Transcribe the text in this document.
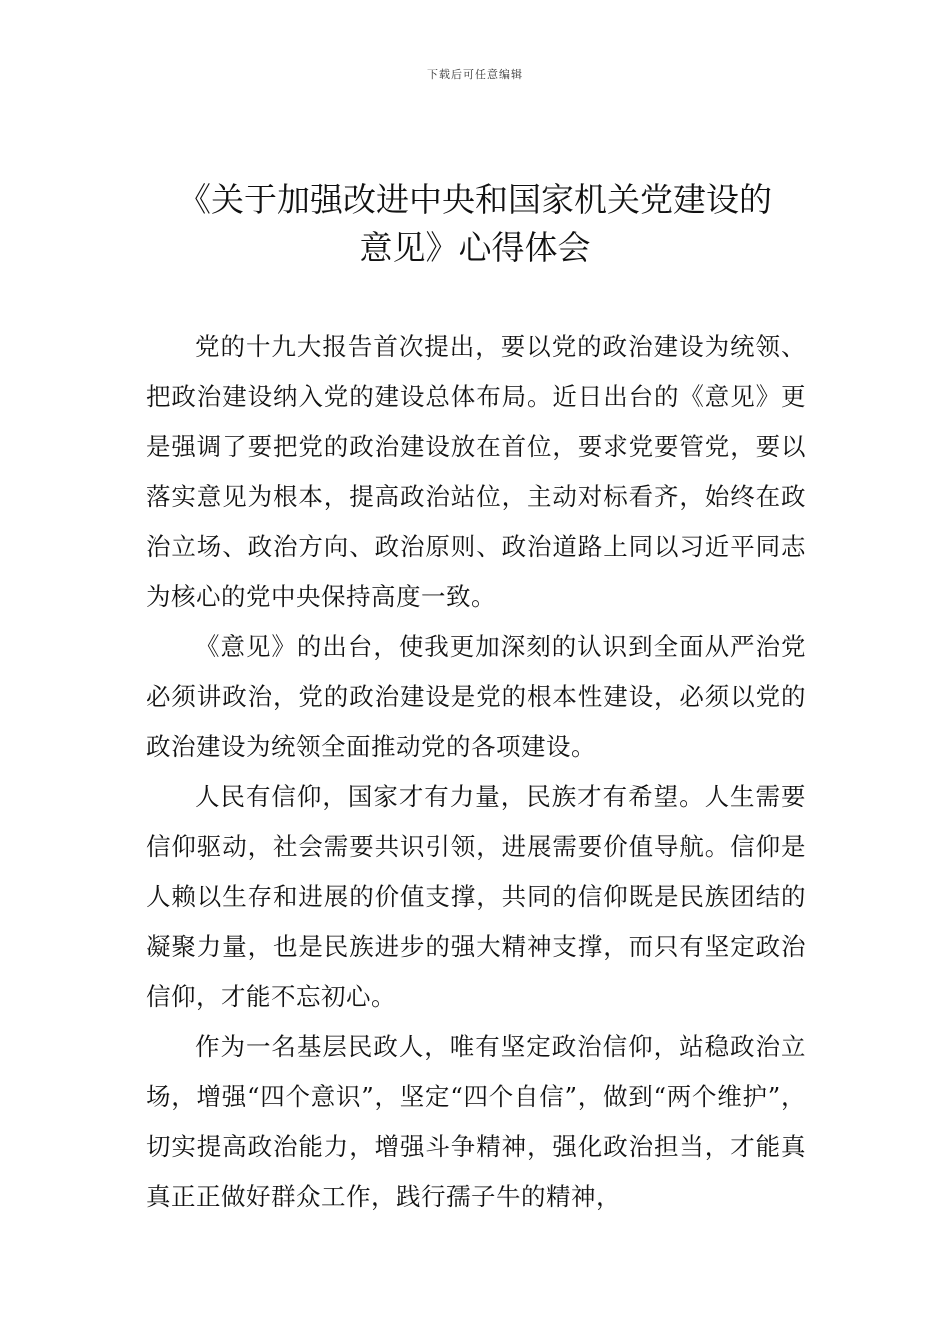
下载后可任意编辑
《关于加强改进中央和国家机关党建设的
意见》心得体会

党的十九大报告首次提出，要以党的政治建设为统领、把政治建设纳入党的建设总体布局。近日出台的《意见》更是强调了要把党的政治建设放在首位，要求党要管党，要以落实意见为根本，提高政治站位，主动对标看齐，始终在政治立场、政治方向、政治原则、政治道路上同以习近平同志为核心的党中央保持高度一致。

《意见》的出台，使我更加深刻的认识到全面从严治党必须讲政治，党的政治建设是党的根本性建设，必须以党的政治建设为统领全面推动党的各项建设。

人民有信仰，国家才有力量，民族才有希望。人生需要信仰驱动，社会需要共识引领，进展需要价值导航。信仰是人赖以生存和进展的价值支撑，共同的信仰既是民族团结的凝聚力量，也是民族进步的强大精神支撑，而只有坚定政治信仰，才能不忘初心。

作为一名基层民政人，唯有坚定政治信仰，站稳政治立场，增强“四个意识”，坚定“四个自信”，做到“两个维护”，切实提高政治能力，增强斗争精神，强化政治担当，才能真真正正做好群众工作，践行孺子牛的精神，
